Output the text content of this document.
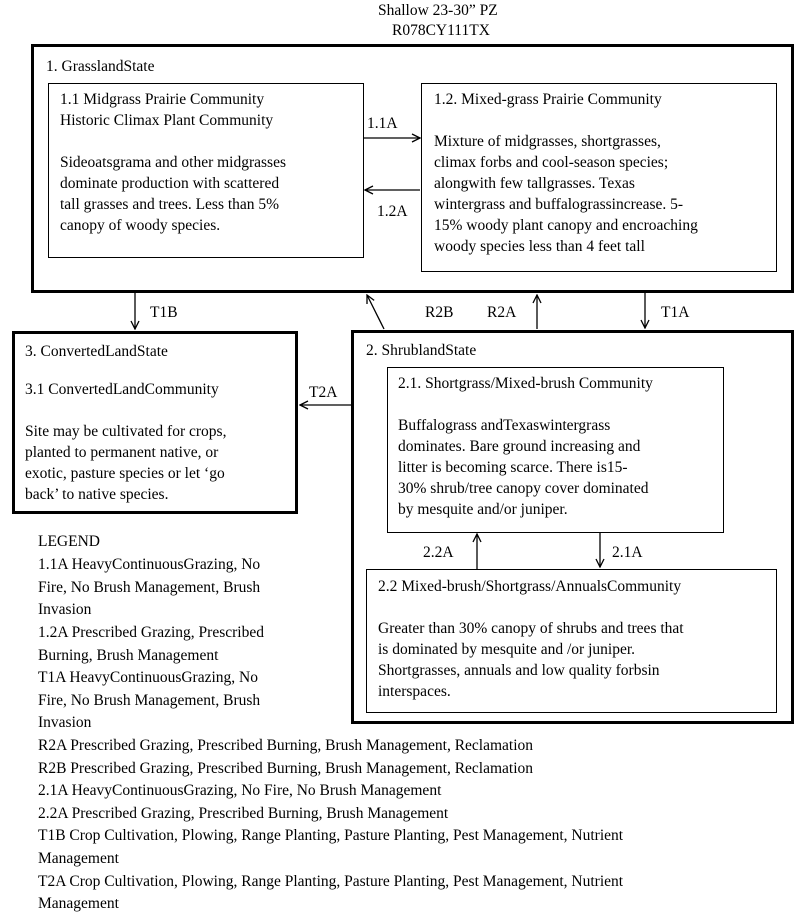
Shallow 23-30” PZ
R078CY111TX
1. GrasslandState
1.1 Midgrass Prairie Community
Historic Climax Plant Community
Sideoatsgrama and other midgrasses
dominate production with scattered
tall grasses and trees. Less than 5%
canopy of woody species.
1.2. Mixed-grass Prairie Community
Mixture of midgrasses, shortgrasses,
climax forbs and cool-season species;
alongwith few tallgrasses. Texas
wintergrass and buffalograssincrease. 5-
15% woody plant canopy and encroaching
woody species less than 4 feet tall
3. ConvertedLandState
3.1 ConvertedLandCommunity
Site may be cultivated for crops,
planted to permanent native, or
exotic, pasture species or let ‘go
back’ to native species.
2. ShrublandState
2.1. Shortgrass/Mixed-brush Community
Buffalograss andTexaswintergrass
dominates. Bare ground increasing and
litter is becoming scarce. There is15-
30% shrub/tree canopy cover dominated
by mesquite and/or juniper.
2.2 Mixed-brush/Shortgrass/AnnualsCommunity
Greater than 30% canopy of shrubs and trees that
is dominated by mesquite and /or juniper.
Shortgrasses, annuals and low quality forbsin
interspaces.
1.1A
1.2A
T1B	R2B R2A	T1A
T2A
2.2A	2.1A
LEGEND
1.1A HeavyContinuousGrazing, No
Fire, No Brush Management, Brush
Invasion
1.2A Prescribed Grazing, Prescribed
Burning, Brush Management
T1A HeavyContinuousGrazing, No
Fire, No Brush Management, Brush
Invasion
R2A Prescribed Grazing, Prescribed Burning, Brush Management, Reclamation
R2B Prescribed Grazing, Prescribed Burning, Brush Management, Reclamation
2.1A HeavyContinuousGrazing, No Fire, No Brush Management
2.2A Prescribed Grazing, Prescribed Burning, Brush Management
T1B Crop Cultivation, Plowing, Range Planting, Pasture Planting, Pest Management, Nutrient
Management
T2A Crop Cultivation, Plowing, Range Planting, Pasture Planting, Pest Management, Nutrient
Management
